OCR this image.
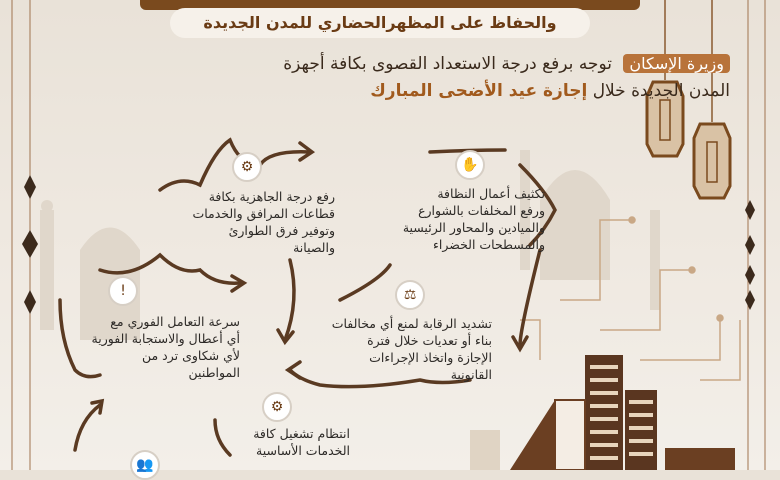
والحفاظ على المظهرالحضاري للمدن الجديدة
وزيرة الإسكان توجه برفع درجة الاستعداد القصوى بكافة أجهزة
المدن الجديدة خلال إجازة عيد الأضحى المبارك
✋
تكثيف أعمال النظافة
ورفع المخلفات بالشوارع
والميادين والمحاور الرئيسية
والمسطحات الخضراء
⚙
رفع درجة الجاهزية بكافة
قطاعات المرافق والخدمات
وتوفير فرق الطوارئ
والصيانة
⚖
تشديد الرقابة لمنع أي مخالفات
بناء أو تعديات خلال فترة
الإجازة واتخاذ الإجراءات
القانونية
!
سرعة التعامل الفوري مع
أي أعطال والاستجابة الفورية
لأي شكاوى ترد من
المواطنين
⚙
انتظام تشغيل كافة
الخدمات الأساسية
👥
